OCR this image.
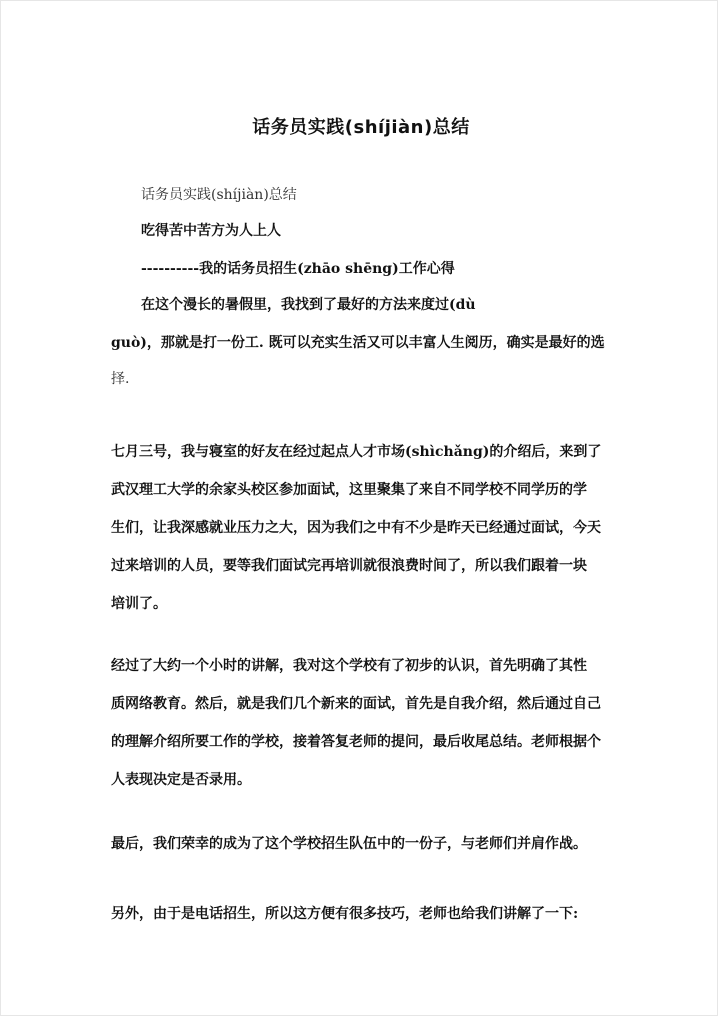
话务员实践(shíjiàn)总结
话务员实践(shíjiàn)总结
吃得苦中苦方为人上人
----------我的话务员招生(zhāo shēng)工作心得
在这个漫长的暑假里，我找到了最好的方法来度过(dù
guò)，那就是打一份工. 既可以充实生活又可以丰富人生阅历，确实是最好的选
择.
七月三号，我与寝室的好友在经过起点人才市场(shìchǎng)的介绍后，来到了
武汉理工大学的余家头校区参加面试，这里聚集了来自不同学校不同学历的学
生们，让我深感就业压力之大，因为我们之中有不少是昨天已经通过面试，今天
过来培训的人员，要等我们面试完再培训就很浪费时间了，所以我们跟着一块
培训了。
经过了大约一个小时的讲解，我对这个学校有了初步的认识，首先明确了其性
质网络教育。然后，就是我们几个新来的面试，首先是自我介绍，然后通过自己
的理解介绍所要工作的学校，接着答复老师的提问，最后收尾总结。老师根据个
人表现决定是否录用。
最后，我们荣幸的成为了这个学校招生队伍中的一份子，与老师们并肩作战。
另外，由于是电话招生，所以这方便有很多技巧，老师也给我们讲解了一下:
